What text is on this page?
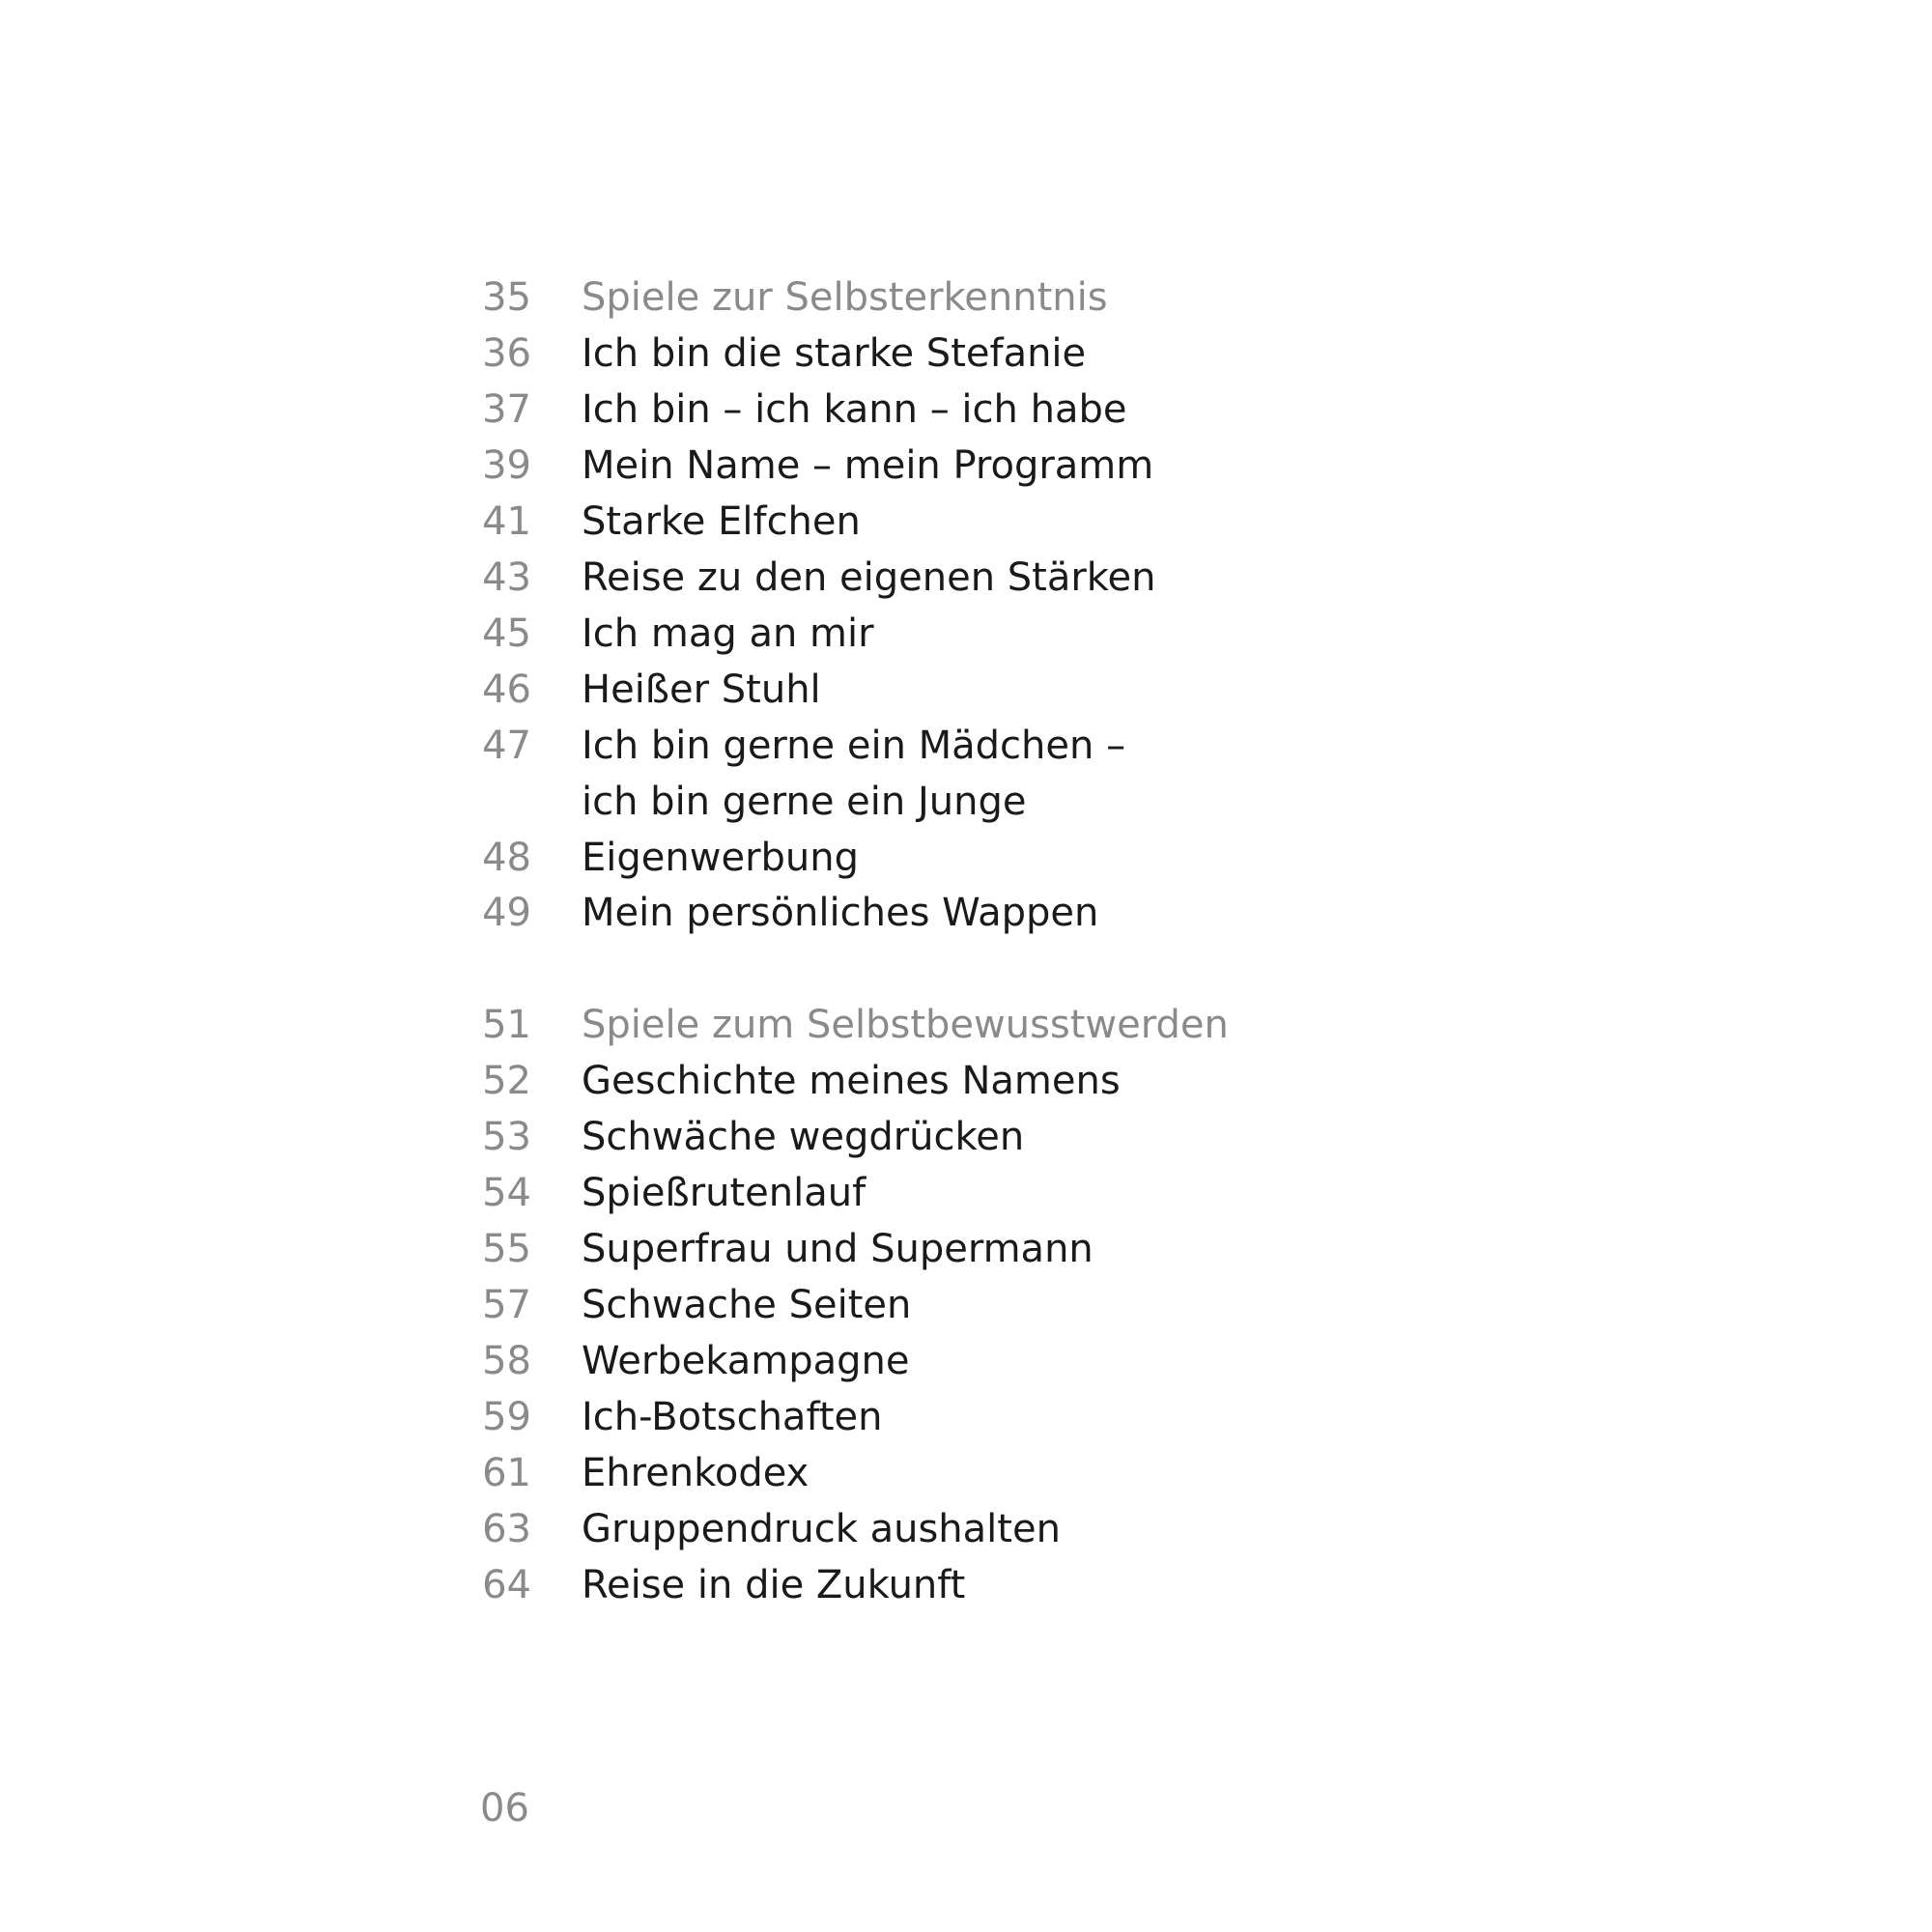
35 Spiele zur Selbsterkenntnis
36 Ich bin die starke Stefanie
37 Ich bin – ich kann – ich habe
39 Mein Name – mein Programm
41 Starke Elfchen
43 Reise zu den eigenen Stärken
45 Ich mag an mir
46 Heißer Stuhl
47 Ich bin gerne ein Mädchen –
ich bin gerne ein Junge
48 Eigenwerbung
49 Mein persönliches Wappen
51 Spiele zum Selbstbewusstwerden
52 Geschichte meines Namens
53 Schwäche wegdrücken
54 Spießrutenlauf
55 Superfrau und Supermann
57 Schwache Seiten
58 Werbekampagne
59 Ich-Botschaften
61 Ehrenkodex
63 Gruppendruck aushalten
64 Reise in die Zukunft
06
